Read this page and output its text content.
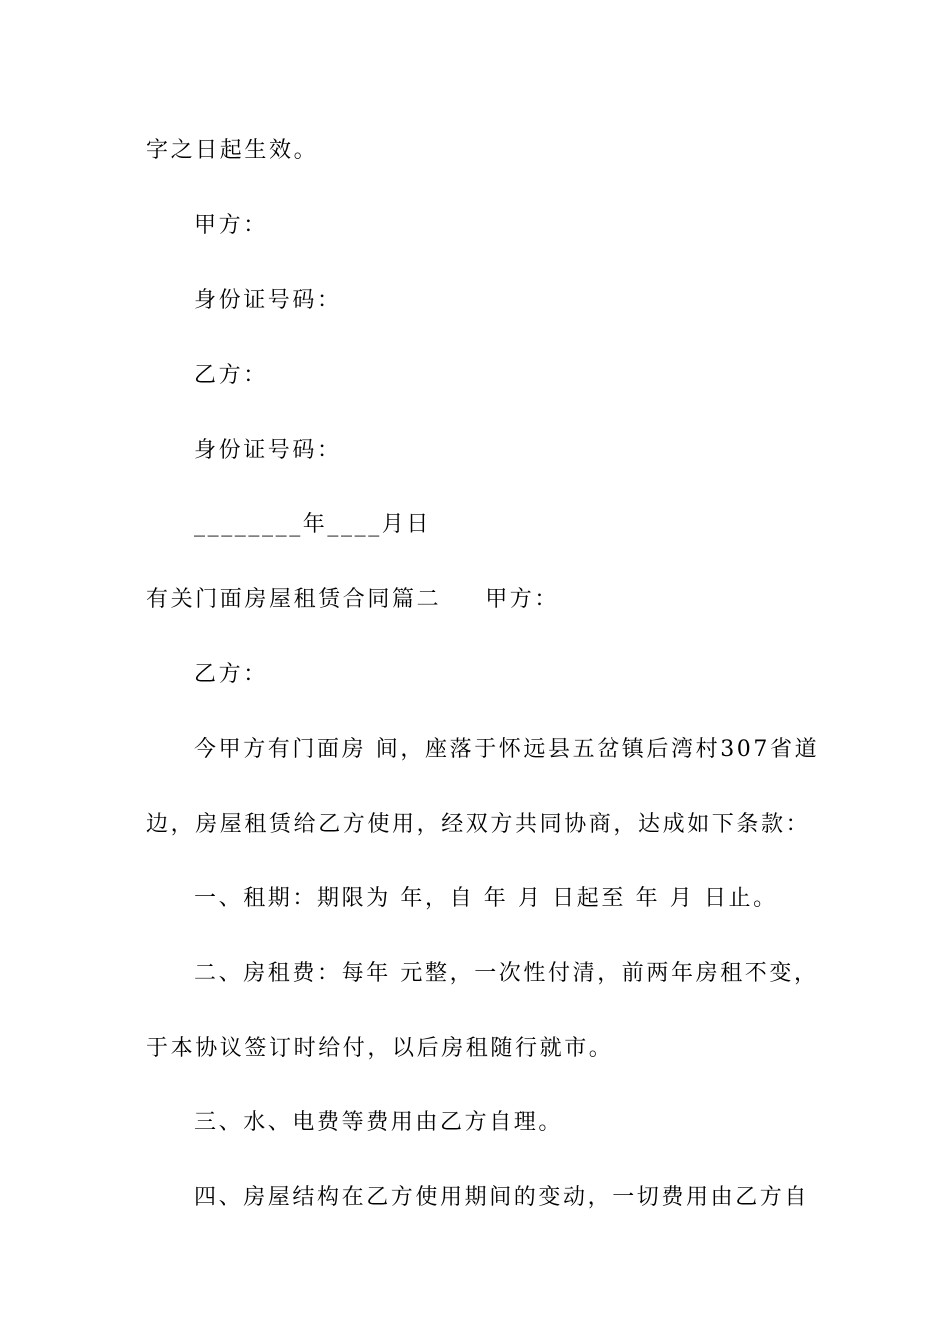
字之日起生效。
甲方：
身份证号码：
乙方：
身份证号码：
________年____月日
有关门面房屋租赁合同篇二 甲方：
乙方：
今甲方有门面房 间，座落于怀远县五岔镇后湾村307省道
边，房屋租赁给乙方使用，经双方共同协商，达成如下条款：
一、租期：期限为 年，自 年 月 日起至 年 月 日止。
二、房租费：每年 元整，一次性付清，前两年房租不变，
于本协议签订时给付，以后房租随行就市。
三、水、电费等费用由乙方自理。
四、房屋结构在乙方使用期间的变动，一切费用由乙方自
